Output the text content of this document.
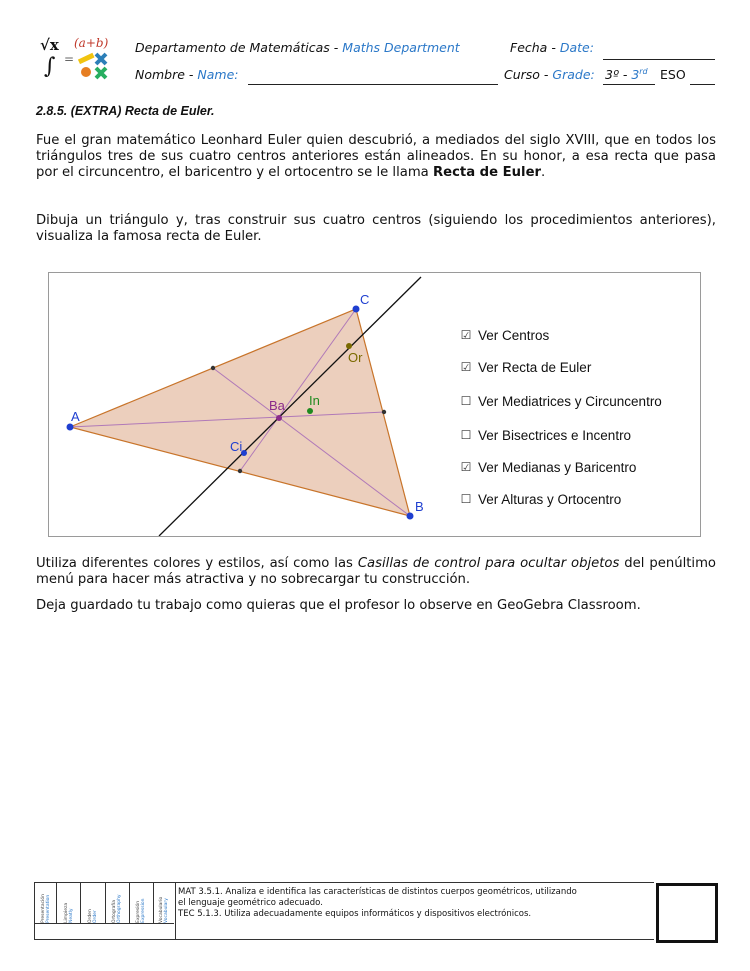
√x (a+b)
=
∫
Departamento de Matemáticas - Maths Department	Fecha - Date:
Nombre - Name:	Curso - Grade: 3º - 3rd ESO
2.8.5. (EXTRA) Recta de Euler.
Fue el gran matemático Leonhard Euler quien descubrió, a mediados del siglo XVIII, que en todos los triángulos tres de sus cuatro centros anteriores están alineados. En su honor, a esa recta que pasa por el circuncentro, el baricentro y el ortocentro se le llama Recta de Euler.
Dibuja un triángulo y, tras construir sus cuatro centros (siguiendo los procedimientos anteriores), visualiza la famosa recta de Euler.
A
B
C
Or
Ba In
Ci
☑ Ver Centros
☑ Ver Recta de Euler
☐ Ver Mediatrices y Circuncentro
☐ Ver Bisectrices e Incentro
☑ Ver Medianas y Baricentro
☐ Ver Alturas y Ortocentro
Utiliza diferentes colores y estilos, así como las Casillas de control para ocultar objetos del penúltimo menú para hacer más atractiva y no sobrecargar tu construcción.
Deja guardado tu trabajo como quieras que el profesor lo observe en GeoGebra Classroom.
Presentación Presentation	Limpieza Neatly	Orden Order	Ortografía Orthography	Expresión Expression	Vocabulario Vocabulary
MAT 3.5.1. Analiza e identifica las características de distintos cuerpos geométricos, utilizando
el lenguaje geométrico adecuado.
TEC 5.1.3. Utiliza adecuadamente equipos informáticos y dispositivos electrónicos.
